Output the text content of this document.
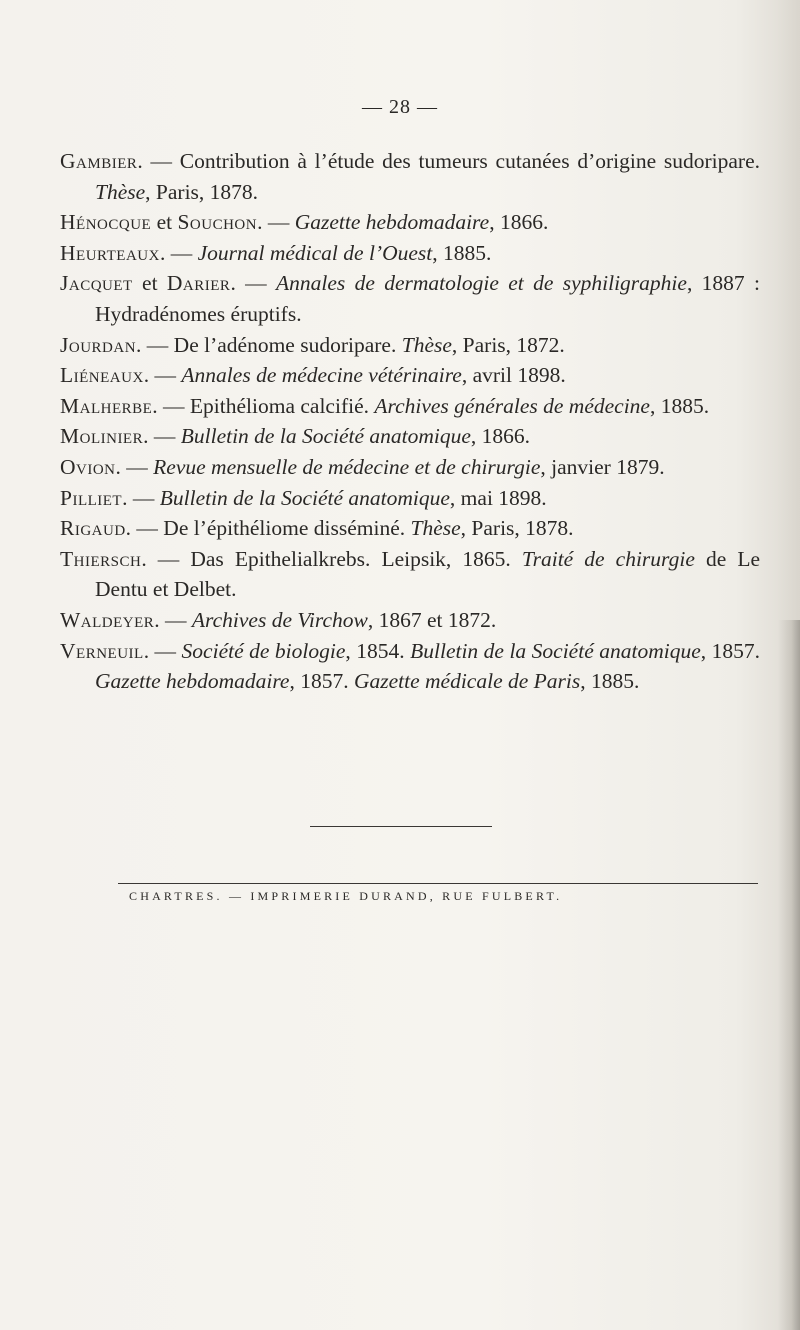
— 28 —

Gambier. — Contribution à l’étude des tumeurs cutanées d’origine sudoripare. Thèse, Paris, 1878.

Hénocque et Souchon. — Gazette hebdomadaire, 1866.

Heurteaux. — Journal médical de l’Ouest, 1885.

Jacquet et Darier. — Annales de dermatologie et de syphiligraphie, 1887 : Hydradénomes éruptifs.

Jourdan. — De l’adénome sudoripare. Thèse, Paris, 1872.

Liéneaux. — Annales de médecine vétérinaire, avril 1898.

Malherbe. — Epithélioma calcifié. Archives générales de médecine, 1885.

Molinier. — Bulletin de la Société anatomique, 1866.

Ovion. — Revue mensuelle de médecine et de chirurgie, janvier 1879.

Pilliet. — Bulletin de la Société anatomique, mai 1898.

Rigaud. — De l’épithéliome disséminé. Thèse, Paris, 1878.

Thiersch. — Das Epithelialkrebs. Leipsik, 1865. Traité de chirurgie de Le Dentu et Delbet.

Waldeyer. — Archives de Virchow, 1867 et 1872.

Verneuil. — Société de biologie, 1854. Bulletin de la Société anatomique, 1857. Gazette hebdomadaire, 1857. Gazette médicale de Paris, 1885.

CHARTRES. — IMPRIMERIE DURAND, RUE FULBERT.
